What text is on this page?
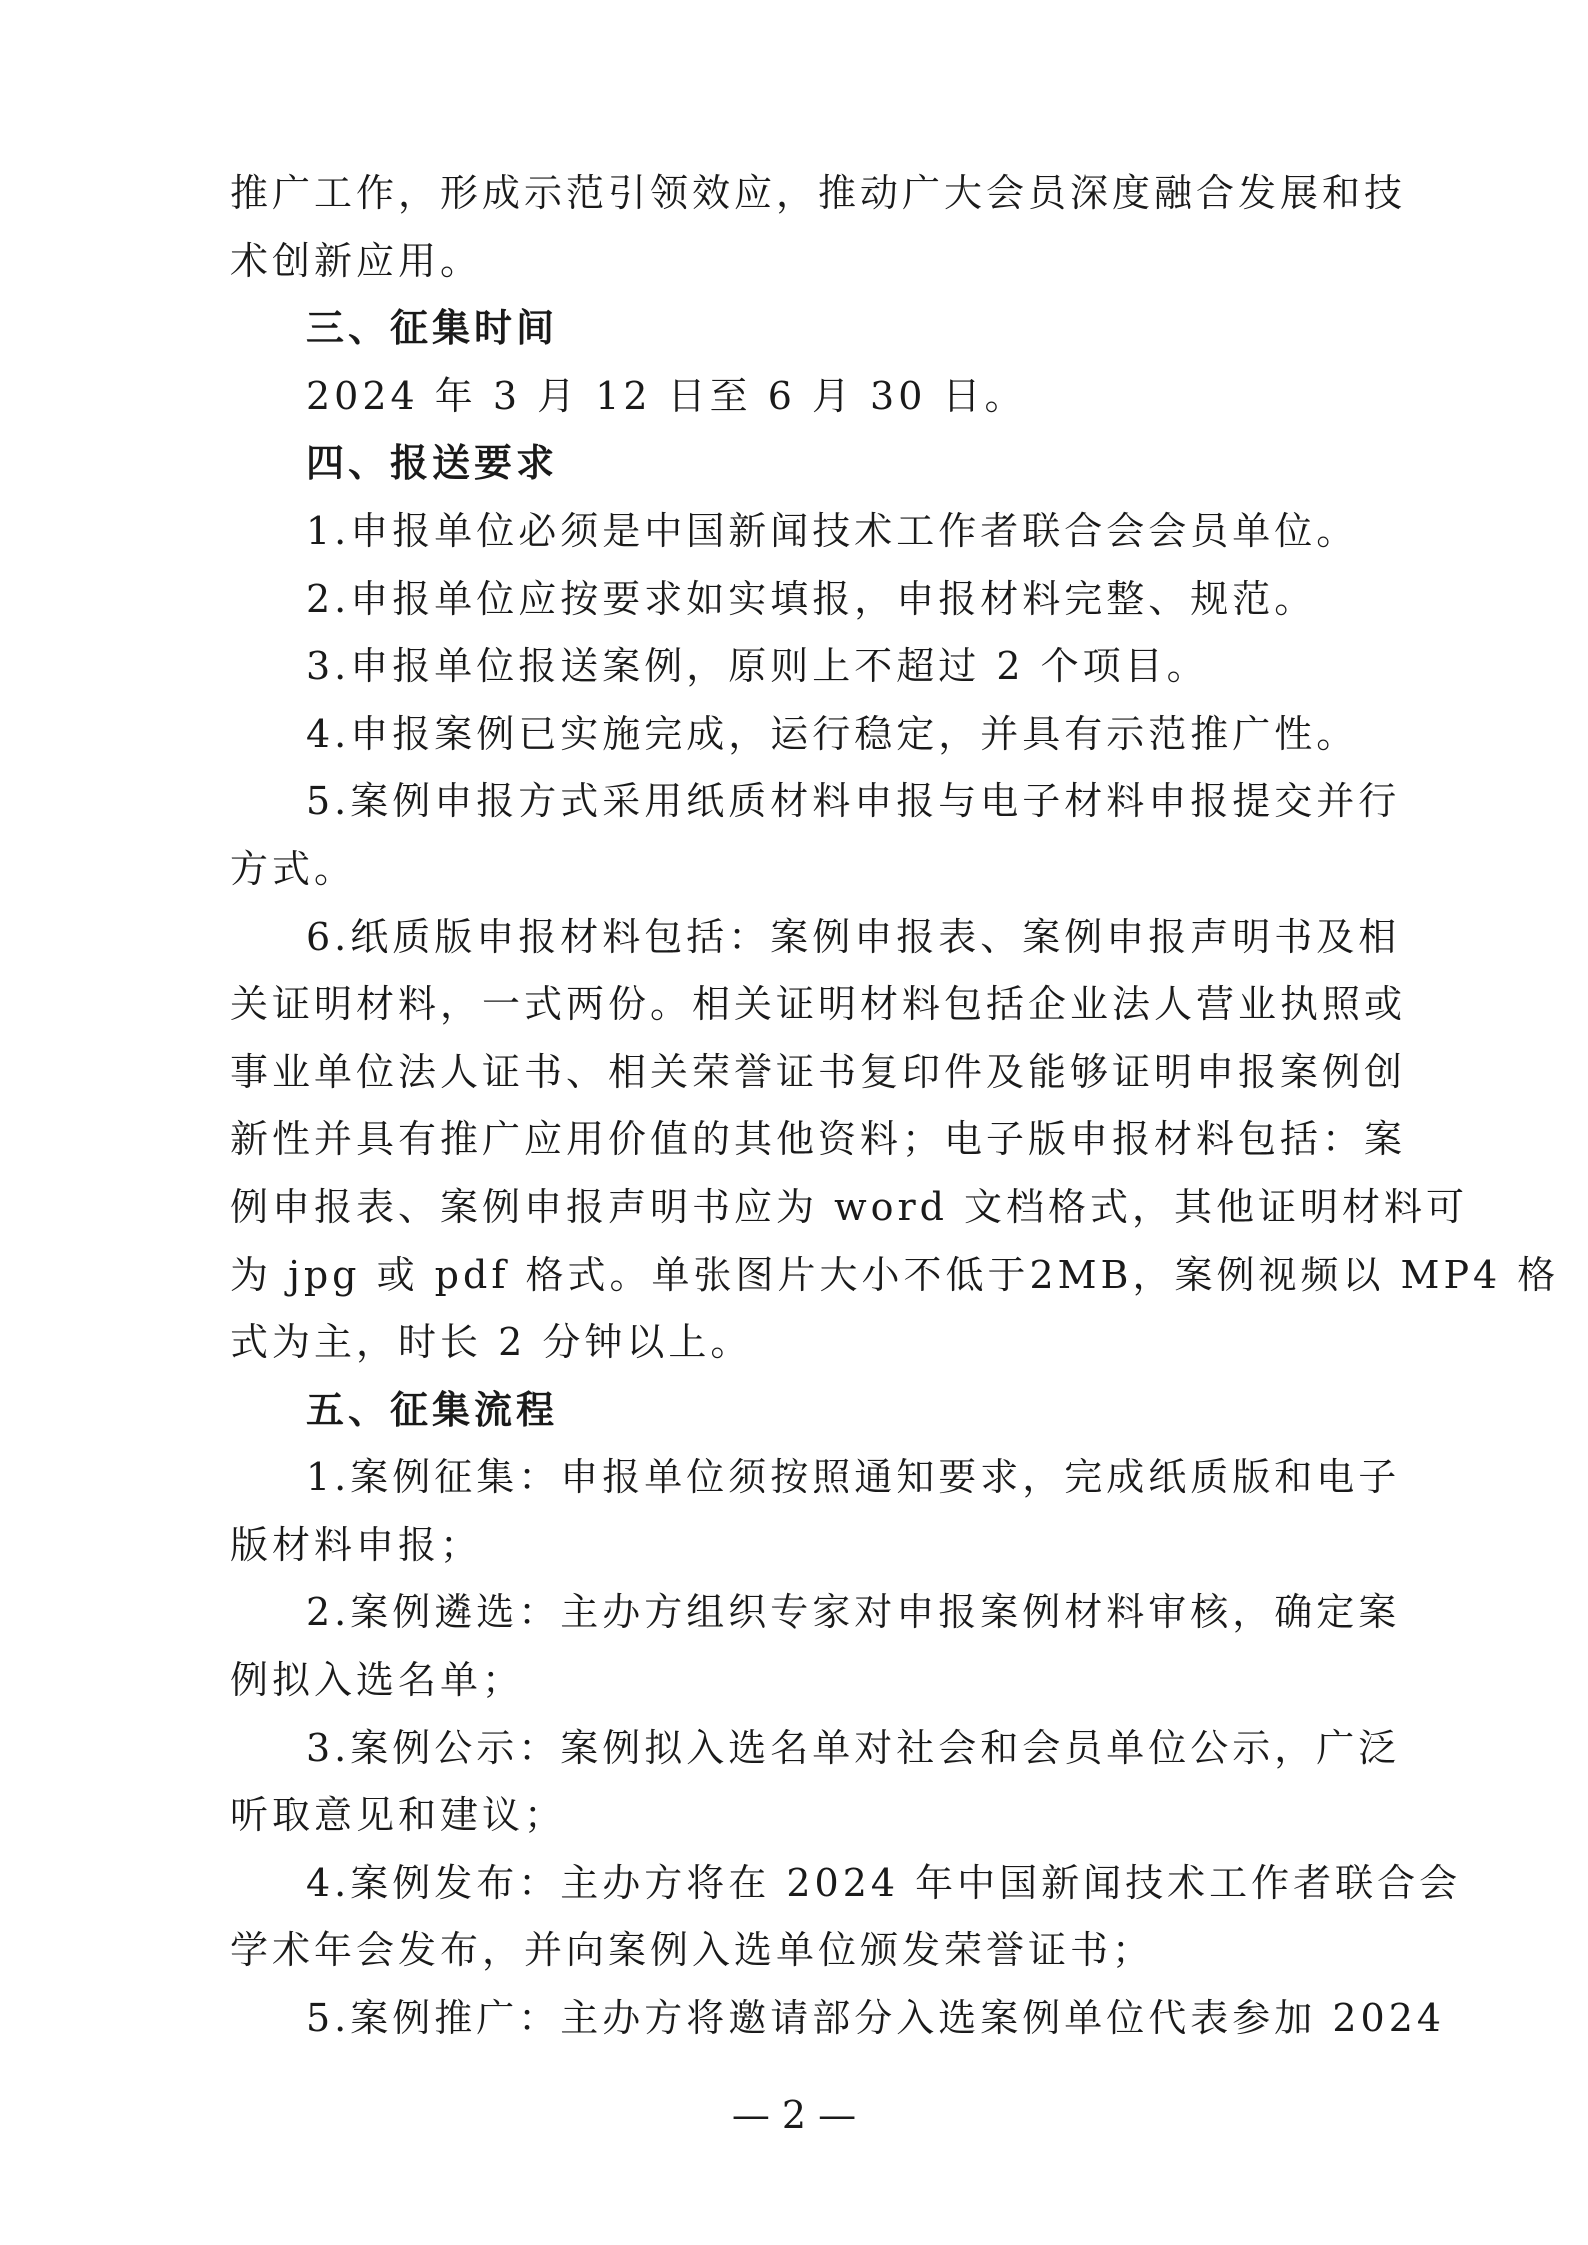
推广工作，形成示范引领效应，推动广大会员深度融合发展和技
术创新应用。
三、征集时间
2024 年 3 月 12 日至 6 月 30 日。
四、报送要求
1.申报单位必须是中国新闻技术工作者联合会会员单位。
2.申报单位应按要求如实填报，申报材料完整、规范。
3.申报单位报送案例，原则上不超过 2 个项目。
4.申报案例已实施完成，运行稳定，并具有示范推广性。
5.案例申报方式采用纸质材料申报与电子材料申报提交并行
方式。
6.纸质版申报材料包括：案例申报表、案例申报声明书及相
关证明材料，一式两份。相关证明材料包括企业法人营业执照或
事业单位法人证书、相关荣誉证书复印件及能够证明申报案例创
新性并具有推广应用价值的其他资料；电子版申报材料包括：案
例申报表、案例申报声明书应为 word 文档格式，其他证明材料可
为 jpg 或 pdf 格式。单张图片大小不低于2MB，案例视频以 MP4 格
式为主，时长 2 分钟以上。
五、征集流程
1.案例征集：申报单位须按照通知要求，完成纸质版和电子
版材料申报；
2.案例遴选：主办方组织专家对申报案例材料审核，确定案
例拟入选名单；
3.案例公示：案例拟入选名单对社会和会员单位公示，广泛
听取意见和建议；
4.案例发布：主办方将在 2024 年中国新闻技术工作者联合会
学术年会发布，并向案例入选单位颁发荣誉证书；
5.案例推广：主办方将邀请部分入选案例单位代表参加 2024
— 2 —
